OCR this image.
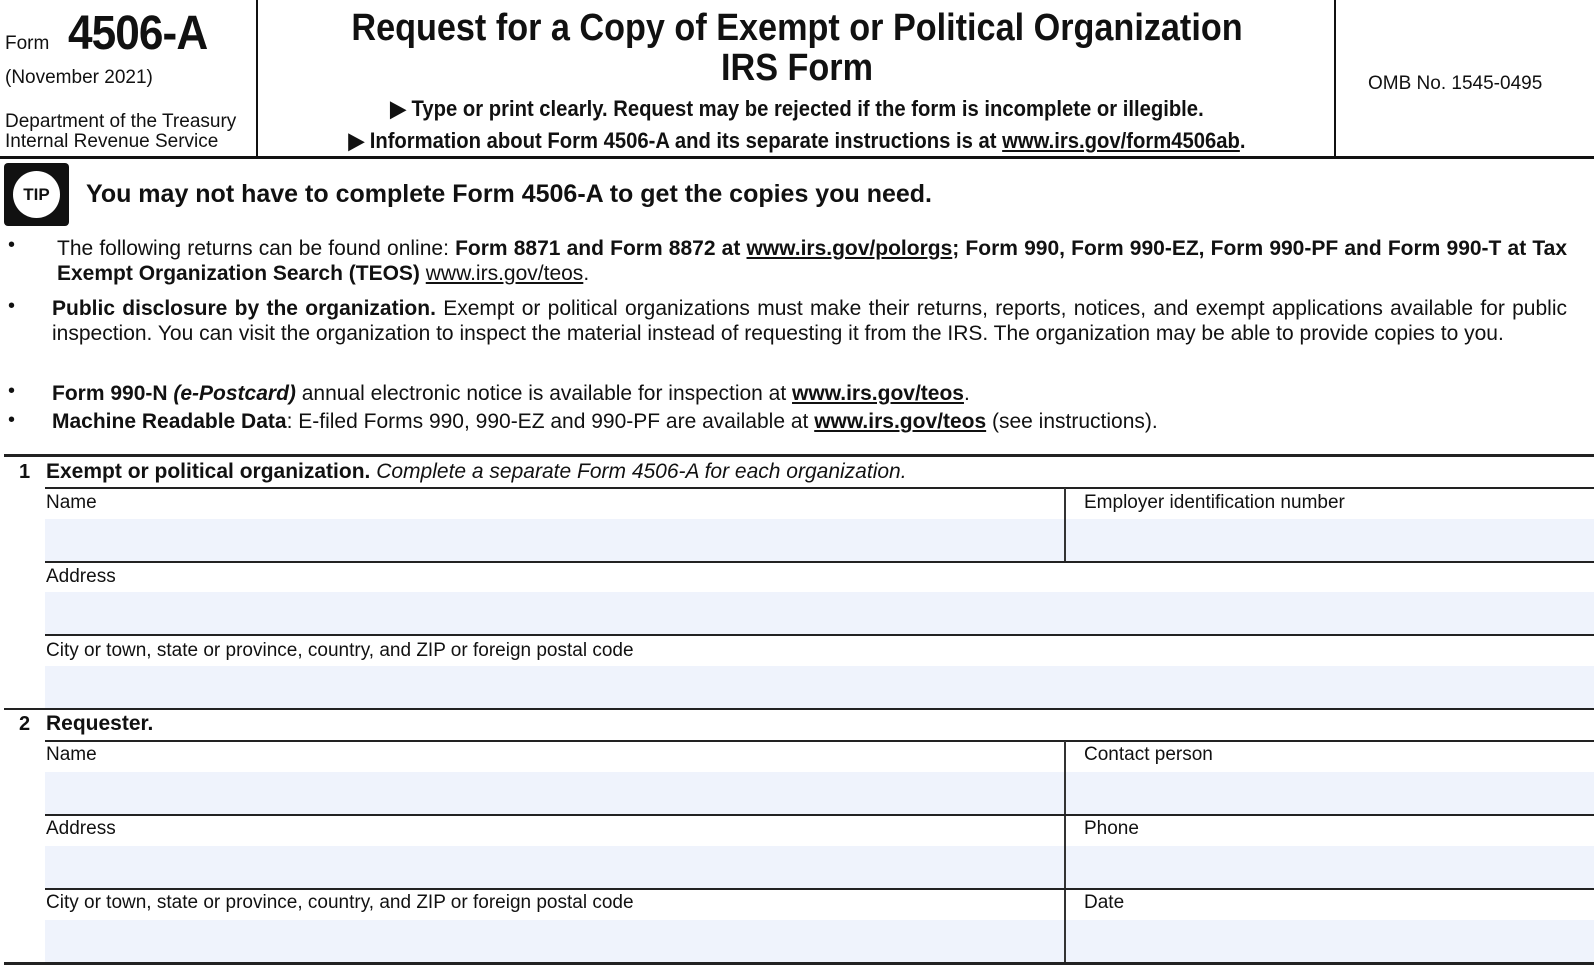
Form 4506-A
(November 2021)
Department of the Treasury
Internal Revenue Service
Request for a Copy of Exempt or Political Organization
IRS Form
▶ Type or print clearly. Request may be rejected if the form is incomplete or illegible.
▶ Information about Form 4506-A and its separate instructions is at www.irs.gov/form4506ab.
OMB No. 1545-0495
TIP	You may not have to complete Form 4506-A to get the copies you need.
• The following returns can be found online: Form 8871 and Form 8872 at www.irs.gov/polorgs; Form 990, Form 990-EZ, Form 990-PF and Form 990-T at Tax Exempt Organization Search (TEOS) www.irs.gov/teos.
• Public disclosure by the organization. Exempt or political organizations must make their returns, reports, notices, and exempt applications available for public inspection. You can visit the organization to inspect the material instead of requesting it from the IRS. The organization may be able to provide copies to you.
• Form 990-N (e-Postcard) annual electronic notice is available for inspection at www.irs.gov/teos.
• Machine Readable Data: E-filed Forms 990, 990-EZ and 990-PF are available at www.irs.gov/teos (see instructions).
1 Exempt or political organization. Complete a separate Form 4506-A for each organization.
Name	Employer identification number
Address
City or town, state or province, country, and ZIP or foreign postal code
2 Requester.
Name	Contact person
Address	Phone
City or town, state or province, country, and ZIP or foreign postal code	Date
